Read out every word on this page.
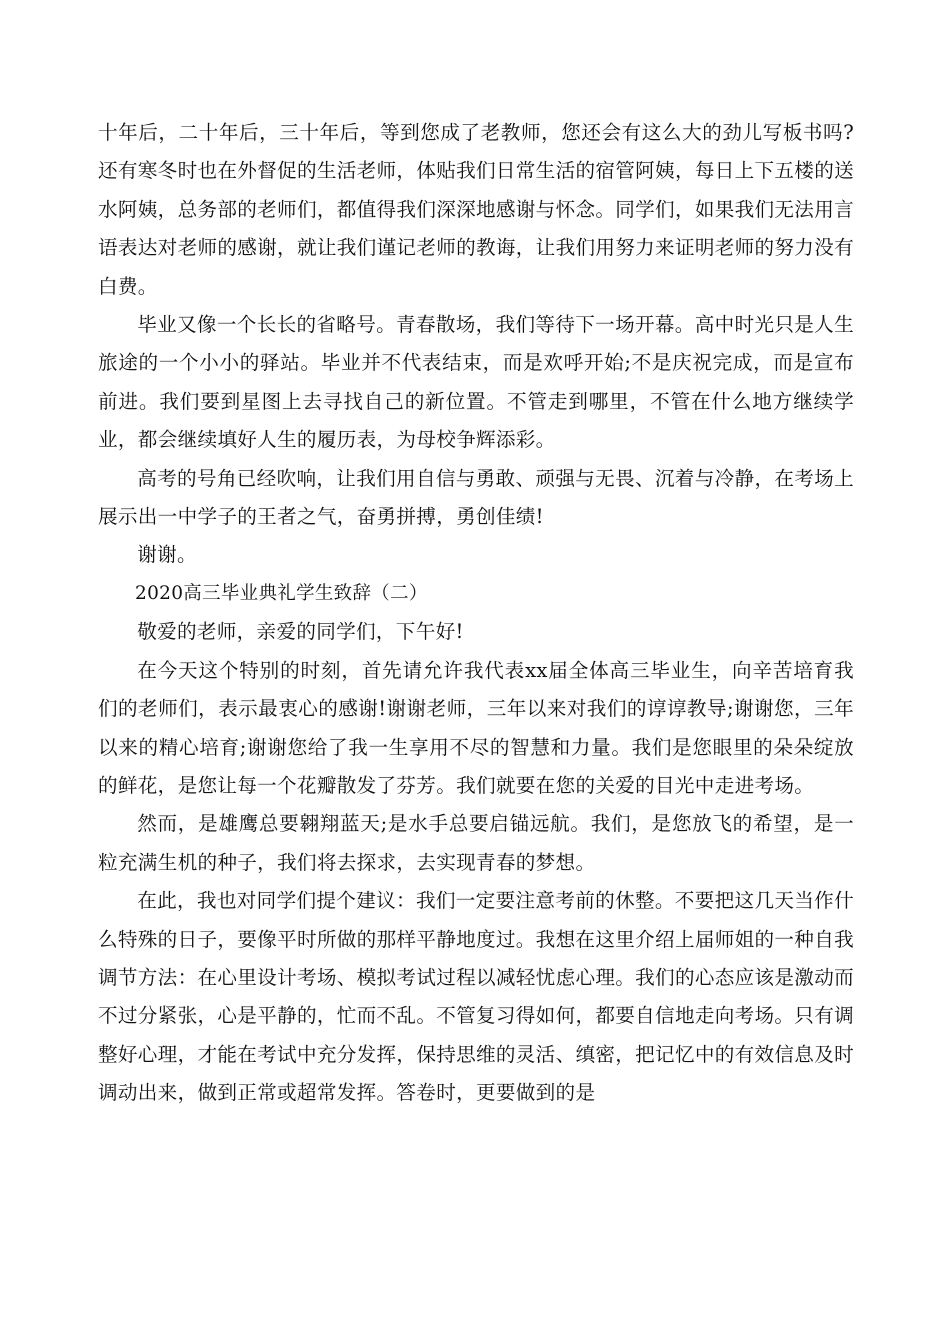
十年后，二十年后，三十年后，等到您成了老教师，您还会有这么大的劲儿写板书吗?还有寒冬时也在外督促的生活老师，体贴我们日常生活的宿管阿姨，每日上下五楼的送水阿姨，总务部的老师们，都值得我们深深地感谢与怀念。同学们，如果我们无法用言语表达对老师的感谢，就让我们谨记老师的教诲，让我们用努力来证明老师的努力没有白费。

毕业又像一个长长的省略号。青春散场，我们等待下一场开幕。高中时光只是人生旅途的一个小小的驿站。毕业并不代表结束，而是欢呼开始;不是庆祝完成，而是宣布前进。我们要到星图上去寻找自己的新位置。不管走到哪里，不管在什么地方继续学业，都会继续填好人生的履历表，为母校争辉添彩。

高考的号角已经吹响，让我们用自信与勇敢、顽强与无畏、沉着与冷静，在考场上展示出一中学子的王者之气，奋勇拼搏，勇创佳绩!

谢谢。

2020高三毕业典礼学生致辞（二）

敬爱的老师，亲爱的同学们，下午好!

在今天这个特别的时刻，首先请允许我代表xx届全体高三毕业生，向辛苦培育我们的老师们，表示最衷心的感谢!谢谢老师，三年以来对我们的谆谆教导;谢谢您，三年以来的精心培育;谢谢您给了我一生享用不尽的智慧和力量。我们是您眼里的朵朵绽放的鲜花，是您让每一个花瓣散发了芬芳。我们就要在您的关爱的目光中走进考场。

然而，是雄鹰总要翱翔蓝天;是水手总要启锚远航。我们，是您放飞的希望，是一粒充满生机的种子，我们将去探求，去实现青春的梦想。

在此，我也对同学们提个建议：我们一定要注意考前的休整。不要把这几天当作什么特殊的日子，要像平时所做的那样平静地度过。我想在这里介绍上届师姐的一种自我调节方法：在心里设计考场、模拟考试过程以减轻忧虑心理。我们的心态应该是激动而不过分紧张，心是平静的，忙而不乱。不管复习得如何，都要自信地走向考场。只有调整好心理，才能在考试中充分发挥，保持思维的灵活、缜密，把记忆中的有效信息及时调动出来，做到正常或超常发挥。答卷时，更要做到的是
